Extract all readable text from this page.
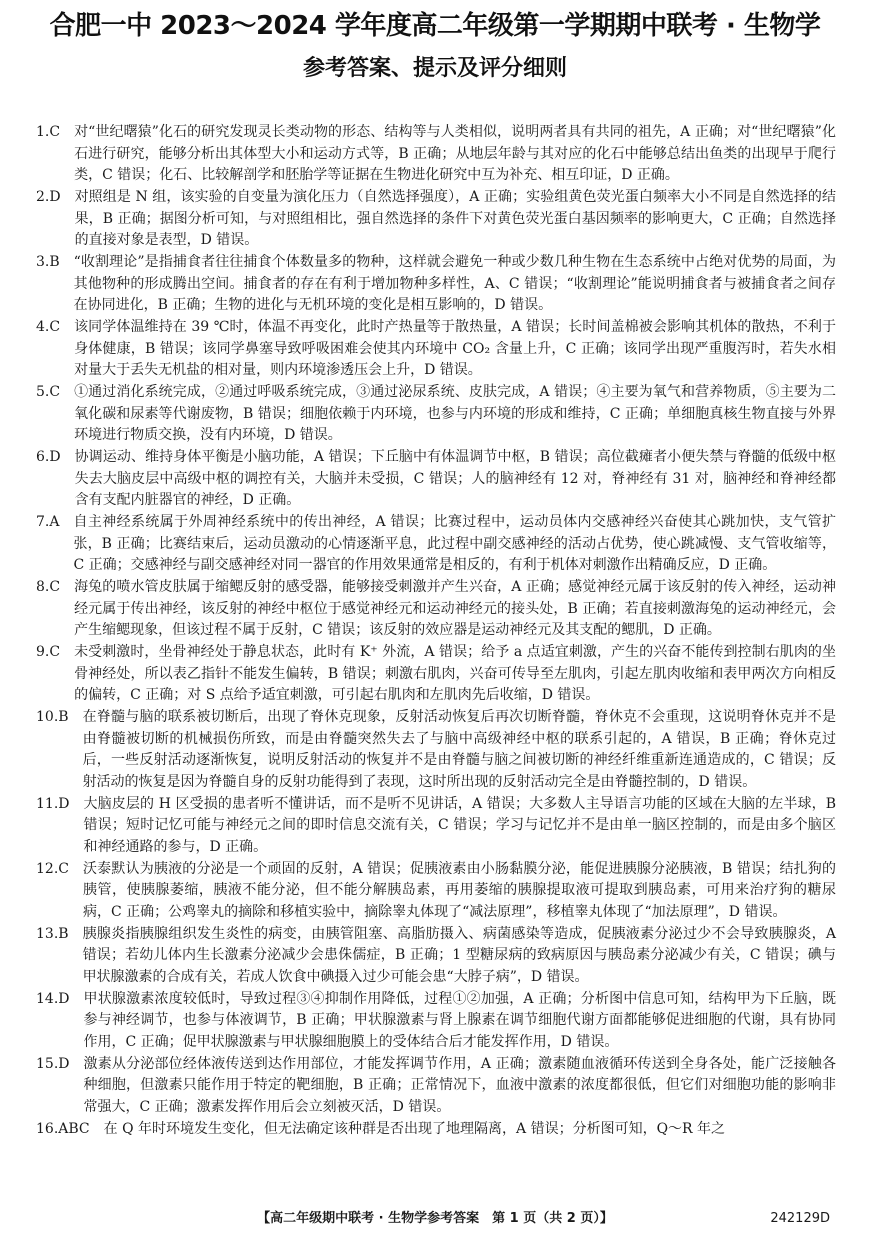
合肥一中 2023～2024 学年度高二年级第一学期期中联考 · 生物学
参考答案、提示及评分细则
1.C　 对“世纪曙猿”化石的研究发现灵长类动物的形态、结构等与人类相似，说明两者具有共同的祖先，A 正确；对“世纪曙猿”化石进行研究，能够分析出其体型大小和运动方式等，B 正确；从地层年龄与其对应的化石中能够总结出鱼类的出现早于爬行类，C 错误；化石、比较解剖学和胚胎学等证据在生物进化研究中互为补充、相互印证，D 正确。
2.D　 对照组是 N 组，该实验的自变量为演化压力（自然选择强度），A 正确；实验组黄色荧光蛋白频率大小不同是自然选择的结果，B 正确；据图分析可知，与对照组相比，强自然选择的条件下对黄色荧光蛋白基因频率的影响更大，C 正确；自然选择的直接对象是表型，D 错误。
3.B　 “收割理论”是指捕食者往往捕食个体数量多的物种，这样就会避免一种或少数几种生物在生态系统中占绝对优势的局面，为其他物种的形成腾出空间。捕食者的存在有利于增加物种多样性，A、C 错误；“收割理论”能说明捕食者与被捕食者之间存在协同进化，B 正确；生物的进化与无机环境的变化是相互影响的，D 错误。
4.C　 该同学体温维持在 39 ℃时，体温不再变化，此时产热量等于散热量，A 错误；长时间盖棉被会影响其机体的散热，不利于身体健康，B 错误；该同学鼻塞导致呼吸困难会使其内环境中 CO₂ 含量上升，C 正确；该同学出现严重腹泻时，若失水相对量大于丢失无机盐的相对量，则内环境渗透压会上升，D 错误。
5.C　 ①通过消化系统完成，②通过呼吸系统完成，③通过泌尿系统、皮肤完成，A 错误；④主要为氧气和营养物质，⑤主要为二氧化碳和尿素等代谢废物，B 错误；细胞依赖于内环境，也参与内环境的形成和维持，C 正确；单细胞真核生物直接与外界环境进行物质交换，没有内环境，D 错误。
6.D　 协调运动、维持身体平衡是小脑功能，A 错误；下丘脑中有体温调节中枢，B 错误；高位截瘫者小便失禁与脊髓的低级中枢失去大脑皮层中高级中枢的调控有关，大脑并未受损，C 错误；人的脑神经有 12 对，脊神经有 31 对，脑神经和脊神经都含有支配内脏器官的神经，D 正确。
7.A　 自主神经系统属于外周神经系统中的传出神经，A 错误；比赛过程中，运动员体内交感神经兴奋使其心跳加快，支气管扩张，B 正确；比赛结束后，运动员激动的心情逐渐平息，此过程中副交感神经的活动占优势，使心跳减慢、支气管收缩等，C 正确；交感神经与副交感神经对同一器官的作用效果通常是相反的，有利于机体对刺激作出精确反应，D 正确。
8.C　 海兔的喷水管皮肤属于缩鳃反射的感受器，能够接受刺激并产生兴奋，A 正确；感觉神经元属于该反射的传入神经，运动神经元属于传出神经，该反射的神经中枢位于感觉神经元和运动神经元的接头处，B 正确；若直接刺激海兔的运动神经元，会产生缩鳃现象，但该过程不属于反射，C 错误；该反射的效应器是运动神经元及其支配的鳃肌，D 正确。
9.C　 未受刺激时，坐骨神经处于静息状态，此时有 K⁺ 外流，A 错误；给予 a 点适宜刺激，产生的兴奋不能传到控制右肌肉的坐骨神经处，所以表乙指针不能发生偏转，B 错误；刺激右肌肉，兴奋可传导至左肌肉，引起左肌肉收缩和表甲两次方向相反的偏转，C 正确；对 S 点给予适宜刺激，可引起右肌肉和左肌肉先后收缩，D 错误。
10.B　 在脊髓与脑的联系被切断后，出现了脊休克现象，反射活动恢复后再次切断脊髓，脊休克不会重现，这说明脊休克并不是由脊髓被切断的机械损伤所致，而是由脊髓突然失去了与脑中高级神经中枢的联系引起的，A 错误，B 正确；脊休克过后，一些反射活动逐渐恢复，说明反射活动的恢复并不是由脊髓与脑之间被切断的神经纤维重新连通造成的，C 错误；反射活动的恢复是因为脊髓自身的反射功能得到了表现，这时所出现的反射活动完全是由脊髓控制的，D 错误。
11.D　 大脑皮层的 H 区受损的患者听不懂讲话，而不是听不见讲话，A 错误；大多数人主导语言功能的区域在大脑的左半球，B 错误；短时记忆可能与神经元之间的即时信息交流有关，C 错误；学习与记忆并不是由单一脑区控制的，而是由多个脑区和神经通路的参与，D 正确。
12.C　 沃泰默认为胰液的分泌是一个顽固的反射，A 错误；促胰液素由小肠黏膜分泌，能促进胰腺分泌胰液，B 错误；结扎狗的胰管，使胰腺萎缩，胰液不能分泌，但不能分解胰岛素，再用萎缩的胰腺提取液可提取到胰岛素，可用来治疗狗的糖尿病，C 正确；公鸡睾丸的摘除和移植实验中，摘除睾丸体现了“减法原理”，移植睾丸体现了“加法原理”，D 错误。
13.B　 胰腺炎指胰腺组织发生炎性的病变，由胰管阻塞、高脂肪摄入、病菌感染等造成，促胰液素分泌过少不会导致胰腺炎，A 错误；若幼儿体内生长激素分泌减少会患侏儒症，B 正确；1 型糖尿病的致病原因与胰岛素分泌减少有关，C 错误；碘与甲状腺激素的合成有关，若成人饮食中碘摄入过少可能会患“大脖子病”，D 错误。
14.D　 甲状腺激素浓度较低时，导致过程③④抑制作用降低，过程①②加强，A 正确；分析图中信息可知，结构甲为下丘脑，既参与神经调节，也参与体液调节，B 正确；甲状腺激素与肾上腺素在调节细胞代谢方面都能够促进细胞的代谢，具有协同作用，C 正确；促甲状腺激素与甲状腺细胞膜上的受体结合后才能发挥作用，D 错误。
15.D　 激素从分泌部位经体液传送到达作用部位，才能发挥调节作用，A 正确；激素随血液循环传送到全身各处，能广泛接触各种细胞，但激素只能作用于特定的靶细胞，B 正确；正常情况下，血液中激素的浓度都很低，但它们对细胞功能的影响非常强大，C 正确；激素发挥作用后会立刻被灭活，D 错误。
16.ABC　 在 Q 年时环境发生变化，但无法确定该种群是否出现了地理隔离，A 错误；分析图可知，Q～R 年之
【高二年级期中联考 · 生物学参考答案　第 1 页（共 2 页）】	242129D
